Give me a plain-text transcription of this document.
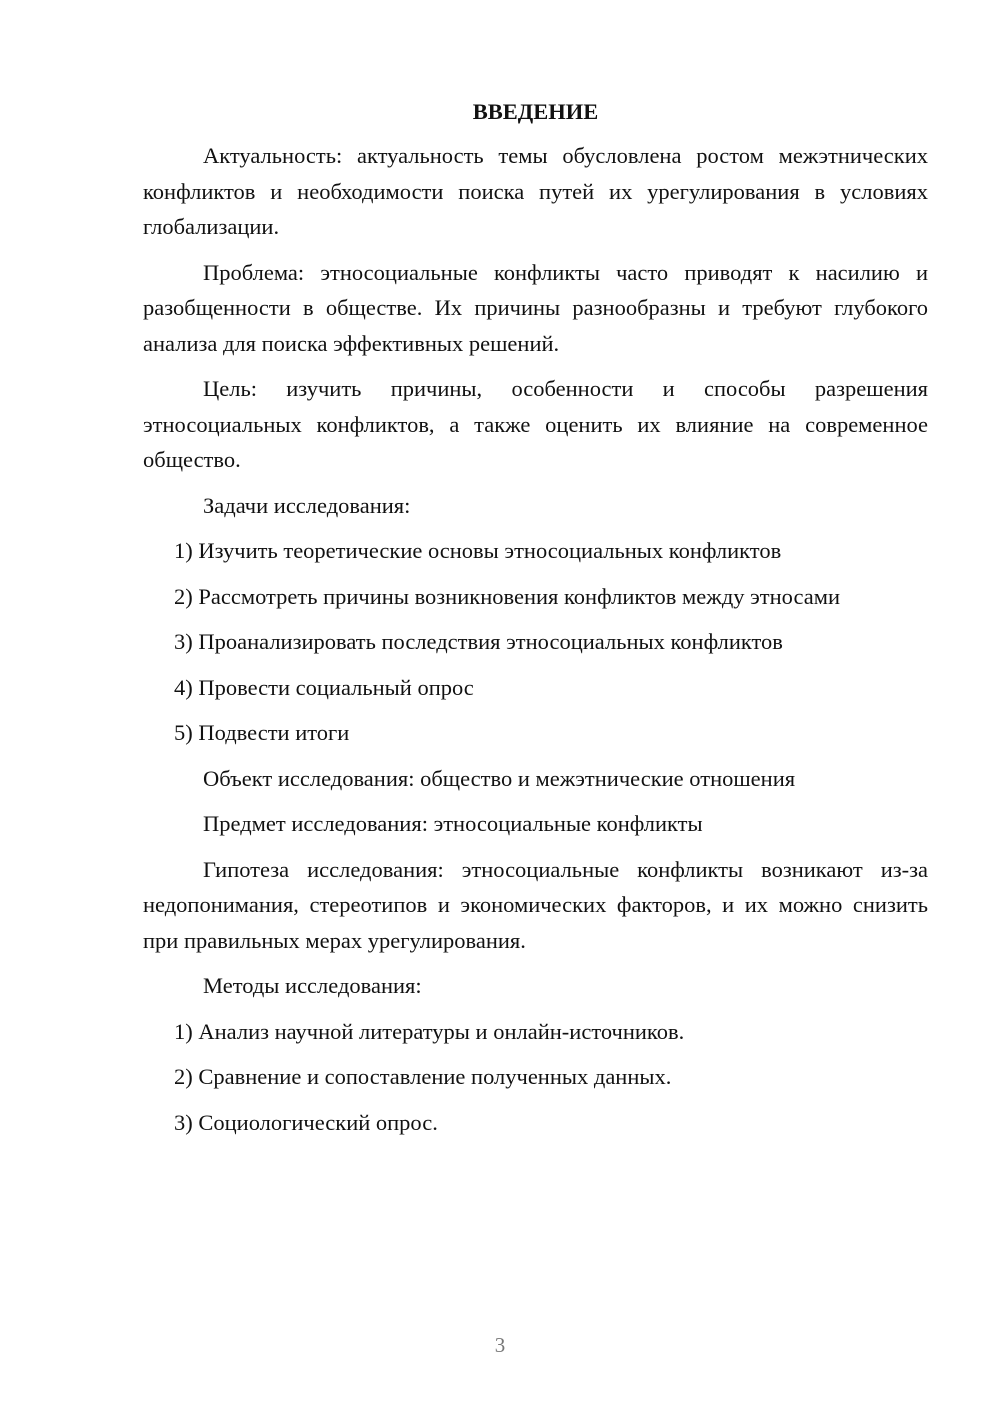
ВВЕДЕНИЕ

Актуальность: актуальность темы обусловлена ростом межэтнических конфликтов и необходимости поиска путей их урегулирования в условиях глобализации.

Проблема: этносоциальные конфликты часто приводят к насилию и разобщенности в обществе. Их причины разнообразны и требуют глубокого анализа для поиска эффективных решений.

Цель: изучить причины, особенности и способы разрешения этносоциальных конфликтов, а также оценить их влияние на современное общество.

Задачи исследования:

1) Изучить теоретические основы этносоциальных конфликтов
2) Рассмотреть причины возникновения конфликтов между этносами
3) Проанализировать последствия этносоциальных конфликтов
4) Провести социальный опрос
5) Подвести итоги

Объект исследования: общество и межэтнические отношения

Предмет исследования: этносоциальные конфликты

Гипотеза исследования: этносоциальные конфликты возникают из-за недопонимания, стереотипов и экономических факторов, и их можно снизить при правильных мерах урегулирования.

Методы исследования:

1) Анализ научной литературы и онлайн-источников.
2) Сравнение и сопоставление полученных данных.
3) Социологический опрос.
3
